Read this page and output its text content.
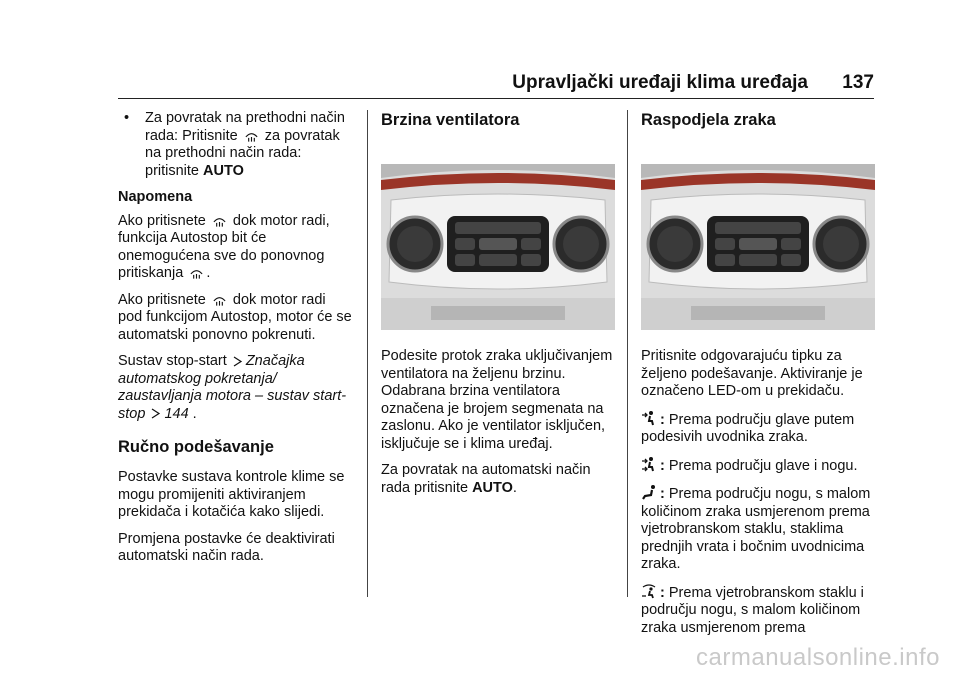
Upravljački uređaji klima uređaja 137
• Za povratak na prethodni način rada: Pritisnite za povratak na prethodni način rada: pritisnite AUTO

Napomena

Ako pritisnete dok motor radi, funkcija Autostop bit će onemogućena sve do ponovnog pritiskanja .

Ako pritisnete dok motor radi pod funkcijom Autostop, motor će se automatski ponovno pokrenuti.

Sustav stop-start Značajka automatskog pokretanja/ zaustavljanja motora – sustav start-stop 144 .

Ručno podešavanje

Postavke sustava kontrole klime se mogu promijeniti aktiviranjem prekidača i kotačića kako slijedi.

Promjena postavke će deaktivirati automatski način rada.

Brzina ventilatora

Podesite protok zraka uključivanjem ventilatora na željenu brzinu. Odabrana brzina ventilatora označena je brojem segmenata na zaslonu. Ako je ventilator isključen, isključuje se i klima uređaj.

Za povratak na automatski način rada pritisnite AUTO.

Raspodjela zraka

Pritisnite odgovarajuću tipku za željeno podešavanje. Aktiviranje je označeno LED-om u prekidaču.

: Prema području glave putem podesivih uvodnika zraka.

: Prema području glave i nogu.

: Prema području nogu, s malom količinom zraka usmjerenom prema vjetrobranskom staklu, staklima prednjih vrata i bočnim uvodnicima zraka.

: Prema vjetrobranskom staklu i području nogu, s malom količinom zraka usmjerenom prema

carmanualsonline.info
